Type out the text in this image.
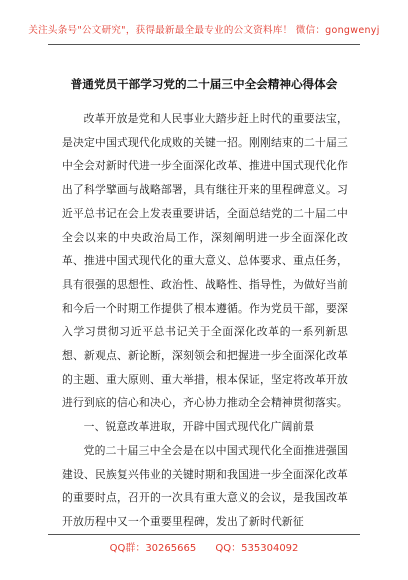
关注头条号"公文研究"，获得最新最全最专业的公文资料库！ 微信：gongwenyj
普通党员干部学习党的二十届三中全会精神心得体会

改革开放是党和人民事业大踏步赶上时代的重要法宝，是决定中国式现代化成败的关键一招。刚刚结束的二十届三中全会对新时代进一步全面深化改革、推进中国式现代化作出了科学擘画与战略部署，具有继往开来的里程碑意义。习近平总书记在会上发表重要讲话，全面总结党的二十届二中全会以来的中央政治局工作，深刻阐明进一步全面深化改革、推进中国式现代化的重大意义、总体要求、重点任务，具有很强的思想性、政治性、战略性、指导性，为做好当前和今后一个时期工作提供了根本遵循。作为党员干部，要深入学习贯彻习近平总书记关于全面深化改革的一系列新思想、新观点、新论断，深刻领会和把握进一步全面深化改革的主题、重大原则、重大举措，根本保证，坚定将改革开放进行到底的信心和决心，齐心协力推动全会精神贯彻落实。

一、锐意改革进取，开辟中国式现代化广阔前景

党的二十届三中全会是在以中国式现代化全面推进强国建设、民族复兴伟业的关键时期和我国进一步全面深化改革的重要时点，召开的一次具有重大意义的会议，是我国改革开放历程中又一个重要里程碑，发出了新时代新征

QQ群：30265665 QQ：535304092
